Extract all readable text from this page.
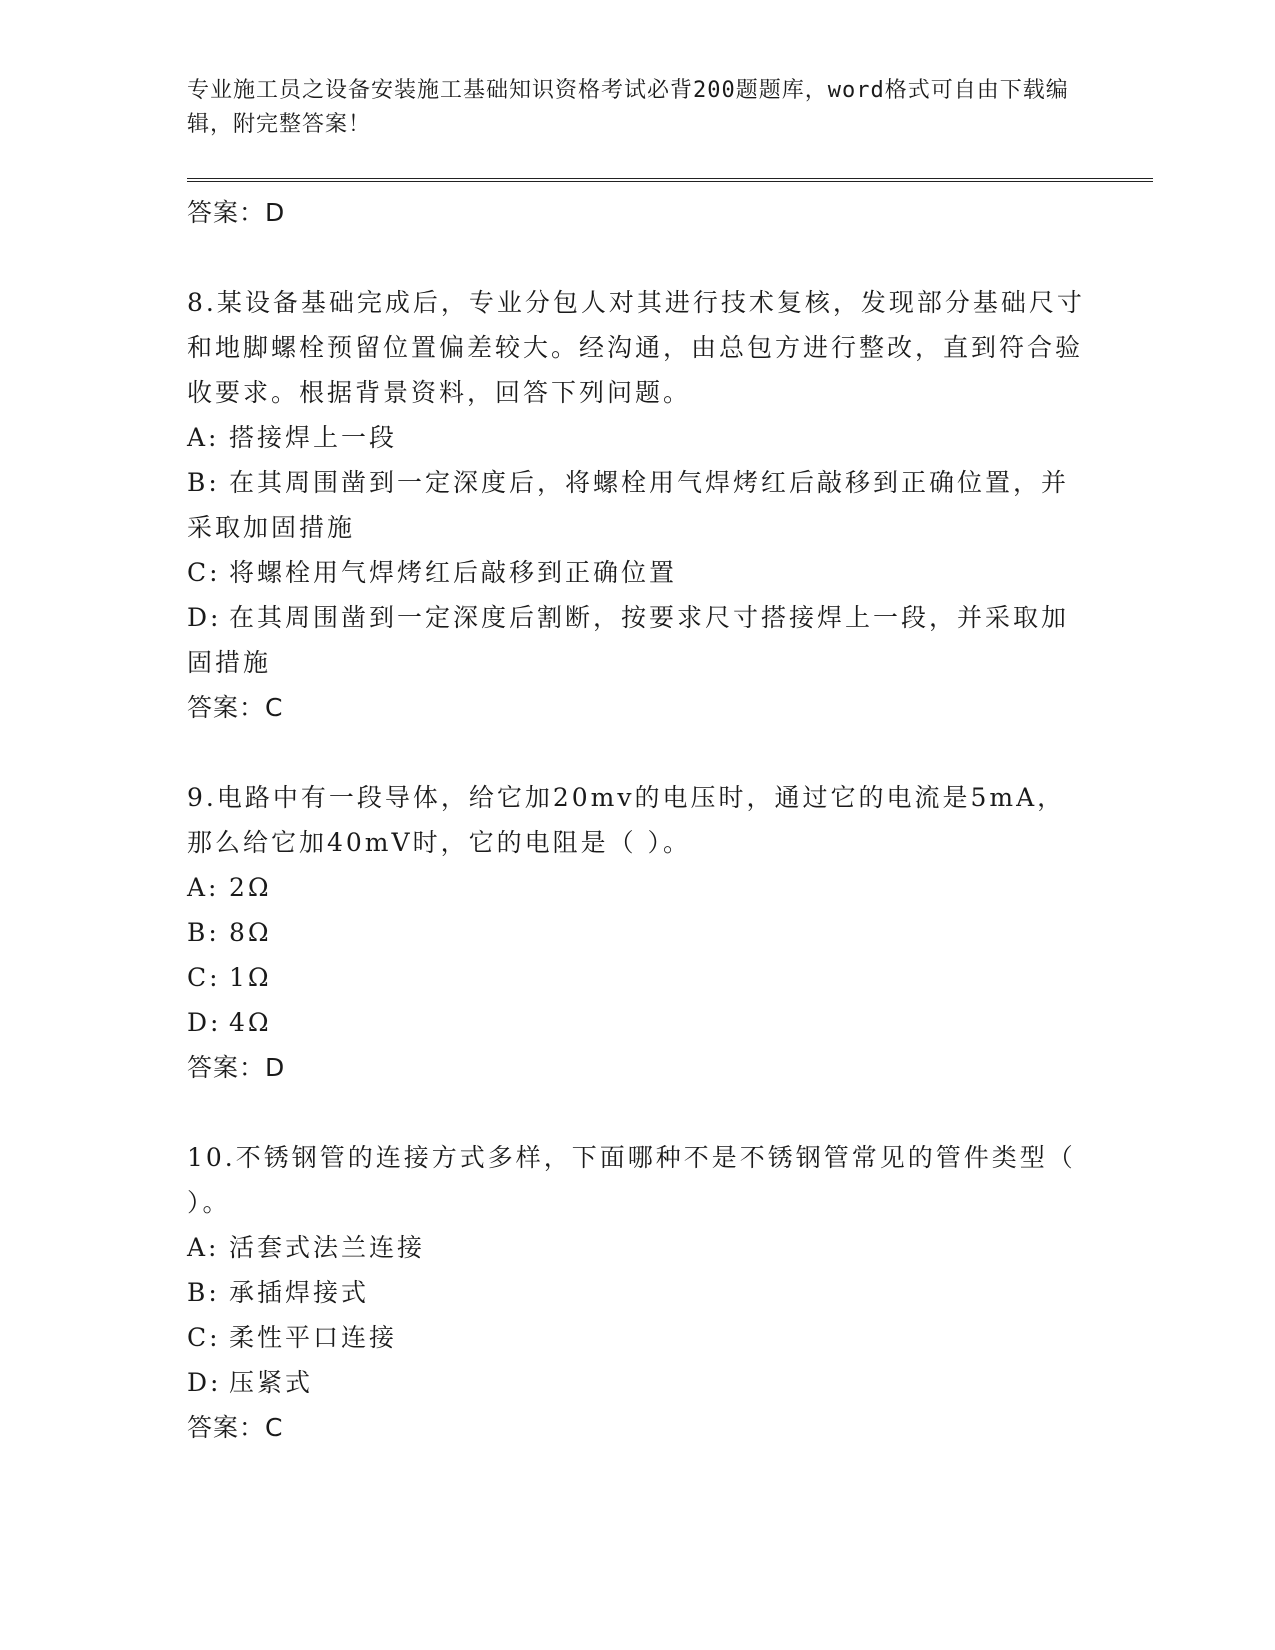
专业施工员之设备安装施工基础知识资格考试必背200题题库，word格式可自由下载编辑，附完整答案！

答案：D

8.某设备基础完成后，专业分包人对其进行技术复核，发现部分基础尺寸和地脚螺栓预留位置偏差较大。经沟通，由总包方进行整改，直到符合验收要求。根据背景资料，回答下列问题。

A: 搭接焊上一段

B: 在其周围凿到一定深度后，将螺栓用气焊烤红后敲移到正确位置，并采取加固措施

C: 将螺栓用气焊烤红后敲移到正确位置

D: 在其周围凿到一定深度后割断，按要求尺寸搭接焊上一段，并采取加固措施

答案：C

9.电路中有一段导体，给它加20mv的电压时，通过它的电流是5mA，那么给它加40mV时，它的电阻是（ ）。

A: 2Ω

B: 8Ω

C: 1Ω

D: 4Ω

答案：D

10.不锈钢管的连接方式多样，下面哪种不是不锈钢管常见的管件类型（ ）。

A: 活套式法兰连接

B: 承插焊接式

C: 柔性平口连接

D: 压紧式

答案：C
